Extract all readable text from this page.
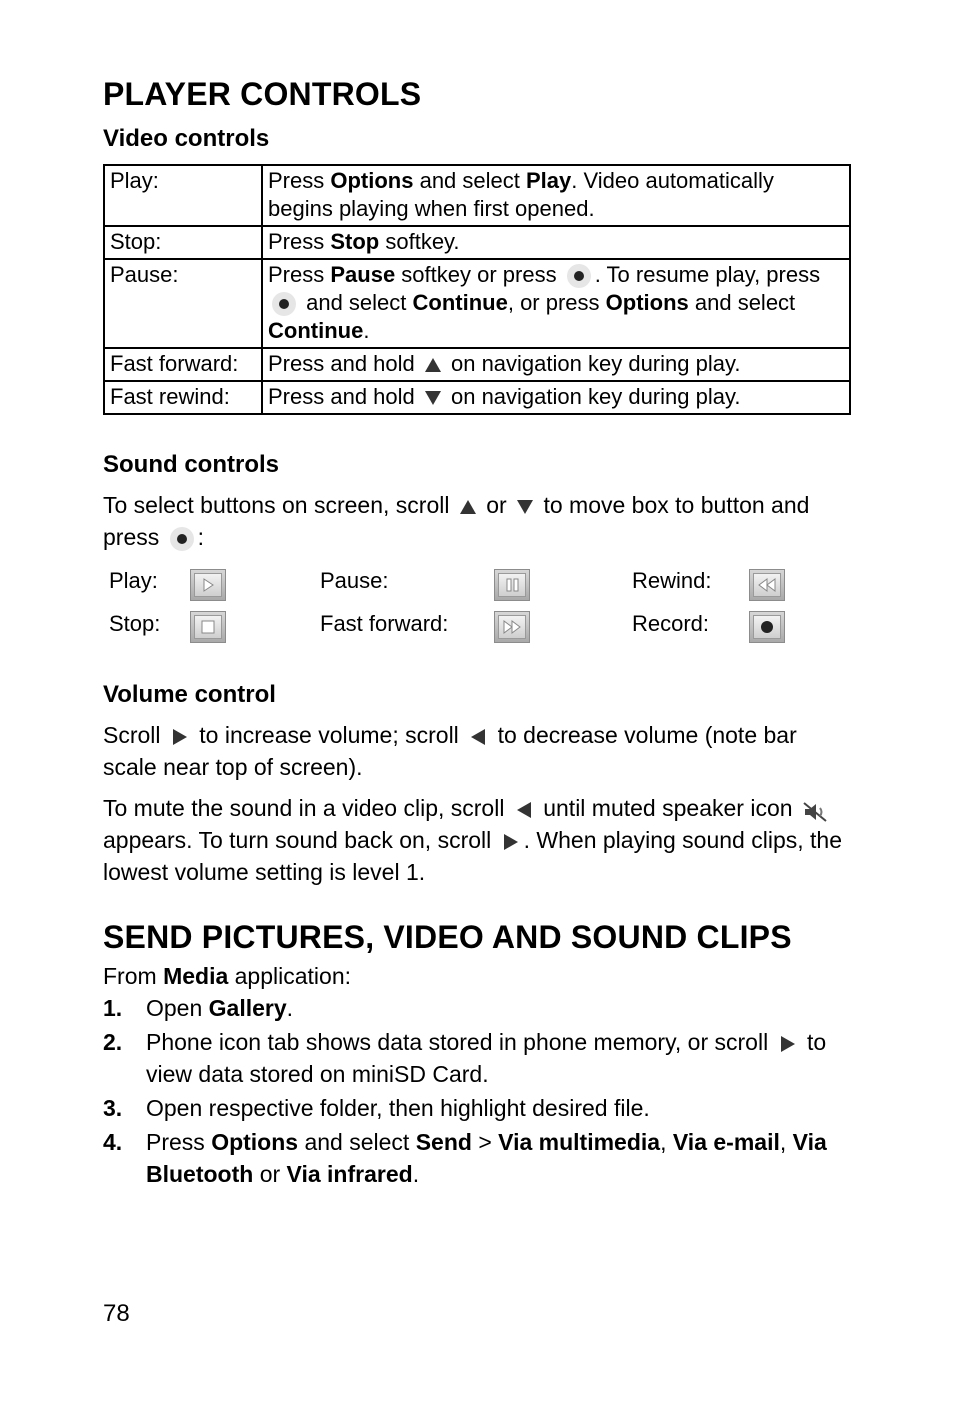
PLAYER CONTROLS
Video controls
Play:	Press Options and select Play. Video automatically begins playing when first opened.
Stop:	Press Stop softkey.
Pause:	Press Pause softkey or press . To resume play, press  and select Continue, or press Options and select Continue.
Fast forward:	Press and hold  on navigation key during play.
Fast rewind:	Press and hold  on navigation key during play.
Sound controls
To select buttons on screen, scroll  or  to move box to button and press :
Play:	Pause:	Rewind:
Stop:	Fast forward:	Record:
Volume control
Scroll  to increase volume; scroll  to decrease volume (note bar scale near top of screen).
To mute the sound in a video clip, scroll  until muted speaker icon  appears. To turn sound back on, scroll . When playing sound clips, the lowest volume setting is level 1.
SEND PICTURES, VIDEO AND SOUND CLIPS
From Media application:
1. Open Gallery.
2. Phone icon tab shows data stored in phone memory, or scroll  to view data stored on miniSD Card.
3. Open respective folder, then highlight desired file.
4. Press Options and select Send > Via multimedia, Via e-mail, Via Bluetooth or Via infrared.
78
